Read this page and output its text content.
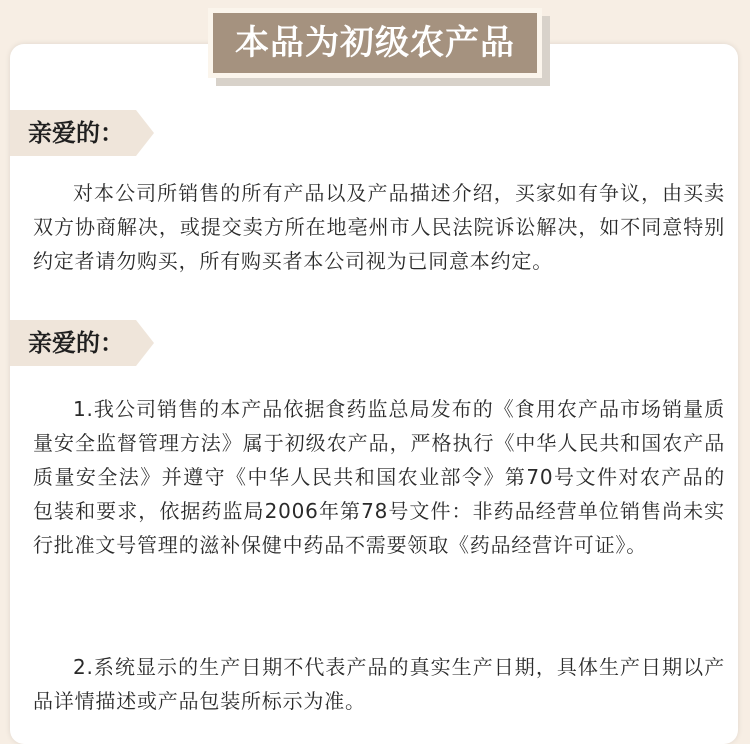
本品为初级农产品
亲爱的：

对本公司所销售的所有产品以及产品描述介绍，买家如有争议，由买卖双方协商解决，或提交卖方所在地亳州市人民法院诉讼解决，如不同意特别约定者请勿购买，所有购买者本公司视为已同意本约定。

亲爱的：

1.我公司销售的本产品依据食药监总局发布的《食用农产品市场销量质量安全监督管理方法》属于初级农产品，严格执行《中华人民共和国农产品质量安全法》并遵守《中华人民共和国农业部令》第70号文件对农产品的包装和要求，依据药监局2006年第78号文件：非药品经营单位销售尚未实行批准文号管理的滋补保健中药品不需要领取《药品经营许可证》。

2.系统显示的生产日期不代表产品的真实生产日期，具体生产日期以产品详情描述或产品包装所标示为准。
